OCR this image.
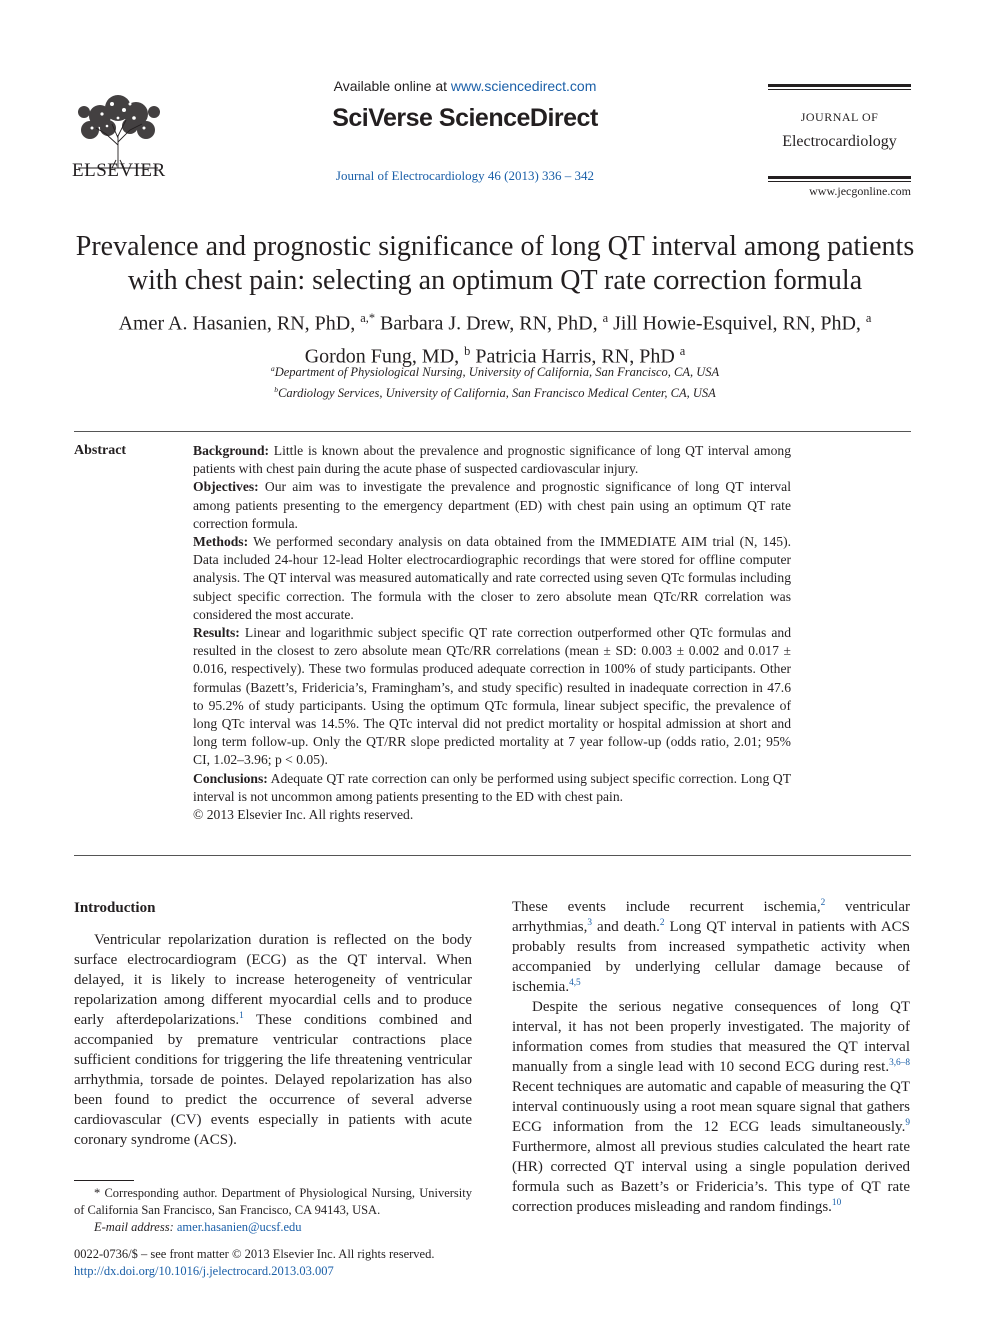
ELSEVIER
Available online at www.sciencedirect.com
SciVerse ScienceDirect
Journal of Electrocardiology 46 (2013) 336 – 342
JOURNAL OF
Electrocardiology
www.jecgonline.com
Prevalence and prognostic significance of long QT interval among patients with chest pain: selecting an optimum QT rate correction formula
Amer A. Hasanien, RN, PhD, $^{a,*}$ Barbara J. Drew, RN, PhD, $^a$ Jill Howie-Esquivel, RN, PhD, $^a$
Gordon Fung, MD, $^b$ Patricia Harris, RN, PhD $^a$
$^a$Department of Physiological Nursing, University of California, San Francisco, CA, USA
$^b$Cardiology Services, University of California, San Francisco Medical Center, CA, USA
Abstract	Background: Little is known about the prevalence and prognostic significance of long QT interval among patients with chest pain during the acute phase of suspected cardiovascular injury.

Objectives: Our aim was to investigate the prevalence and prognostic significance of long QT interval among patients presenting to the emergency department (ED) with chest pain using an optimum QT rate correction formula.

Methods: We performed secondary analysis on data obtained from the IMMEDIATE AIM trial (N, 145). Data included 24-hour 12-lead Holter electrocardiographic recordings that were stored for offline computer analysis. The QT interval was measured automatically and rate corrected using seven QTc formulas including subject specific correction. The formula with the closer to zero absolute mean QTc/RR correlation was considered the most accurate.

Results: Linear and logarithmic subject specific QT rate correction outperformed other QTc formulas and resulted in the closest to zero absolute mean QTc/RR correlations (mean ± SD: 0.003 ± 0.002 and 0.017 ± 0.016, respectively). These two formulas produced adequate correction in 100% of study participants. Other formulas (Bazett’s, Fridericia’s, Framingham’s, and study specific) resulted in inadequate correction in 47.6 to 95.2% of study participants. Using the optimum QTc formula, linear subject specific, the prevalence of long QTc interval was 14.5%. The QTc interval did not predict mortality or hospital admission at short and long term follow-up. Only the QT/RR slope predicted mortality at 7 year follow-up (odds ratio, 2.01; 95% CI, 1.02–3.96; p < 0.05).

Conclusions: Adequate QT rate correction can only be performed using subject specific correction. Long QT interval is not uncommon among patients presenting to the ED with chest pain.

© 2013 Elsevier Inc. All rights reserved.

Introduction

Ventricular repolarization duration is reflected on the body surface electrocardiogram (ECG) as the QT interval. When delayed, it is likely to increase heterogeneity of ventricular repolarization among different myocardial cells and to produce early afterdepolarizations.$^1$ These conditions combined and accompanied by premature ventricular contractions place sufficient conditions for triggering the life threatening ventricular arrhythmia, torsade de pointes. Delayed repolarization has also been found to predict the occurrence of several adverse cardiovascular (CV) events especially in patients with acute coronary syndrome (ACS).

These events include recurrent ischemia,$^2$ ventricular arrhythmias,$^3$ and death.$^2$ Long QT interval in patients with ACS probably results from increased sympathetic activity when accompanied by underlying cellular damage because of ischemia.$^{4,5}$

Despite the serious negative consequences of long QT interval, it has not been properly investigated. The majority of information comes from studies that measured the QT interval manually from a single lead with 10 second ECG during rest.$^{3,6-8}$ Recent techniques are automatic and capable of measuring the QT interval continuously using a root mean square signal that gathers ECG information from the 12 ECG leads simultaneously.$^9$ Furthermore, almost all previous studies calculated the heart rate (HR) corrected QT interval using a single population derived formula such as Bazett’s or Fridericia’s. This type of QT rate correction produces misleading and random findings.$^{10}$

* Corresponding author. Department of Physiological Nursing, University of California San Francisco, San Francisco, CA 94143, USA.

E-mail address: amer.hasanien@ucsf.edu

0022-0736/$ – see front matter © 2013 Elsevier Inc. All rights reserved.
http://dx.doi.org/10.1016/j.jelectrocard.2013.03.007
